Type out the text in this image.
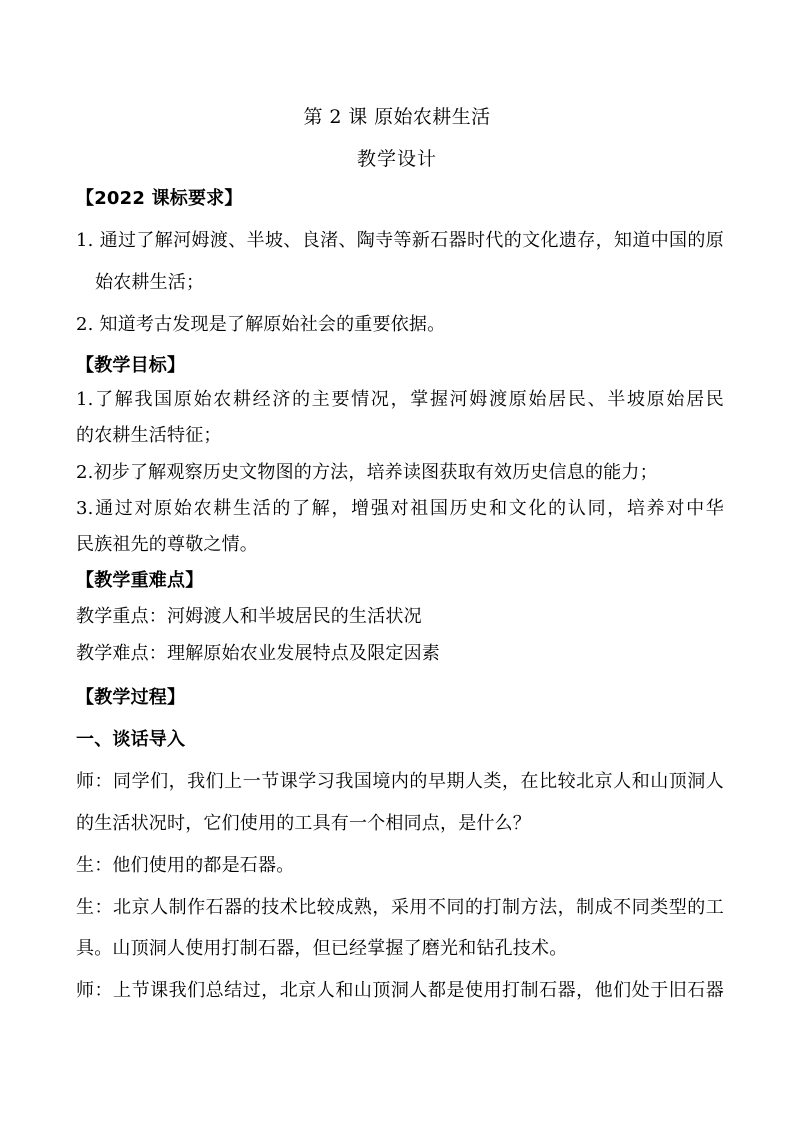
第 2 课 原始农耕生活
教学设计
【2022 课标要求】
1. 通过了解河姆渡、半坡、良渚、陶寺等新石器时代的文化遗存，知道中国的原
始农耕生活；
2. 知道考古发现是了解原始社会的重要依据。
【教学目标】
1.了解我国原始农耕经济的主要情况，掌握河姆渡原始居民、半坡原始居民
的农耕生活特征；
2.初步了解观察历史文物图的方法，培养读图获取有效历史信息的能力；
3.通过对原始农耕生活的了解，增强对祖国历史和文化的认同，培养对中华
民族祖先的尊敬之情。
【教学重难点】
教学重点：河姆渡人和半坡居民的生活状况
教学难点：理解原始农业发展特点及限定因素
【教学过程】
一、谈话导入
师：同学们，我们上一节课学习我国境内的早期人类，在比较北京人和山顶洞人
的生活状况时，它们使用的工具有一个相同点，是什么？
生：他们使用的都是石器。
生：北京人制作石器的技术比较成熟，采用不同的打制方法，制成不同类型的工
具。山顶洞人使用打制石器，但已经掌握了磨光和钻孔技术。
师：上节课我们总结过，北京人和山顶洞人都是使用打制石器，他们处于旧石器
